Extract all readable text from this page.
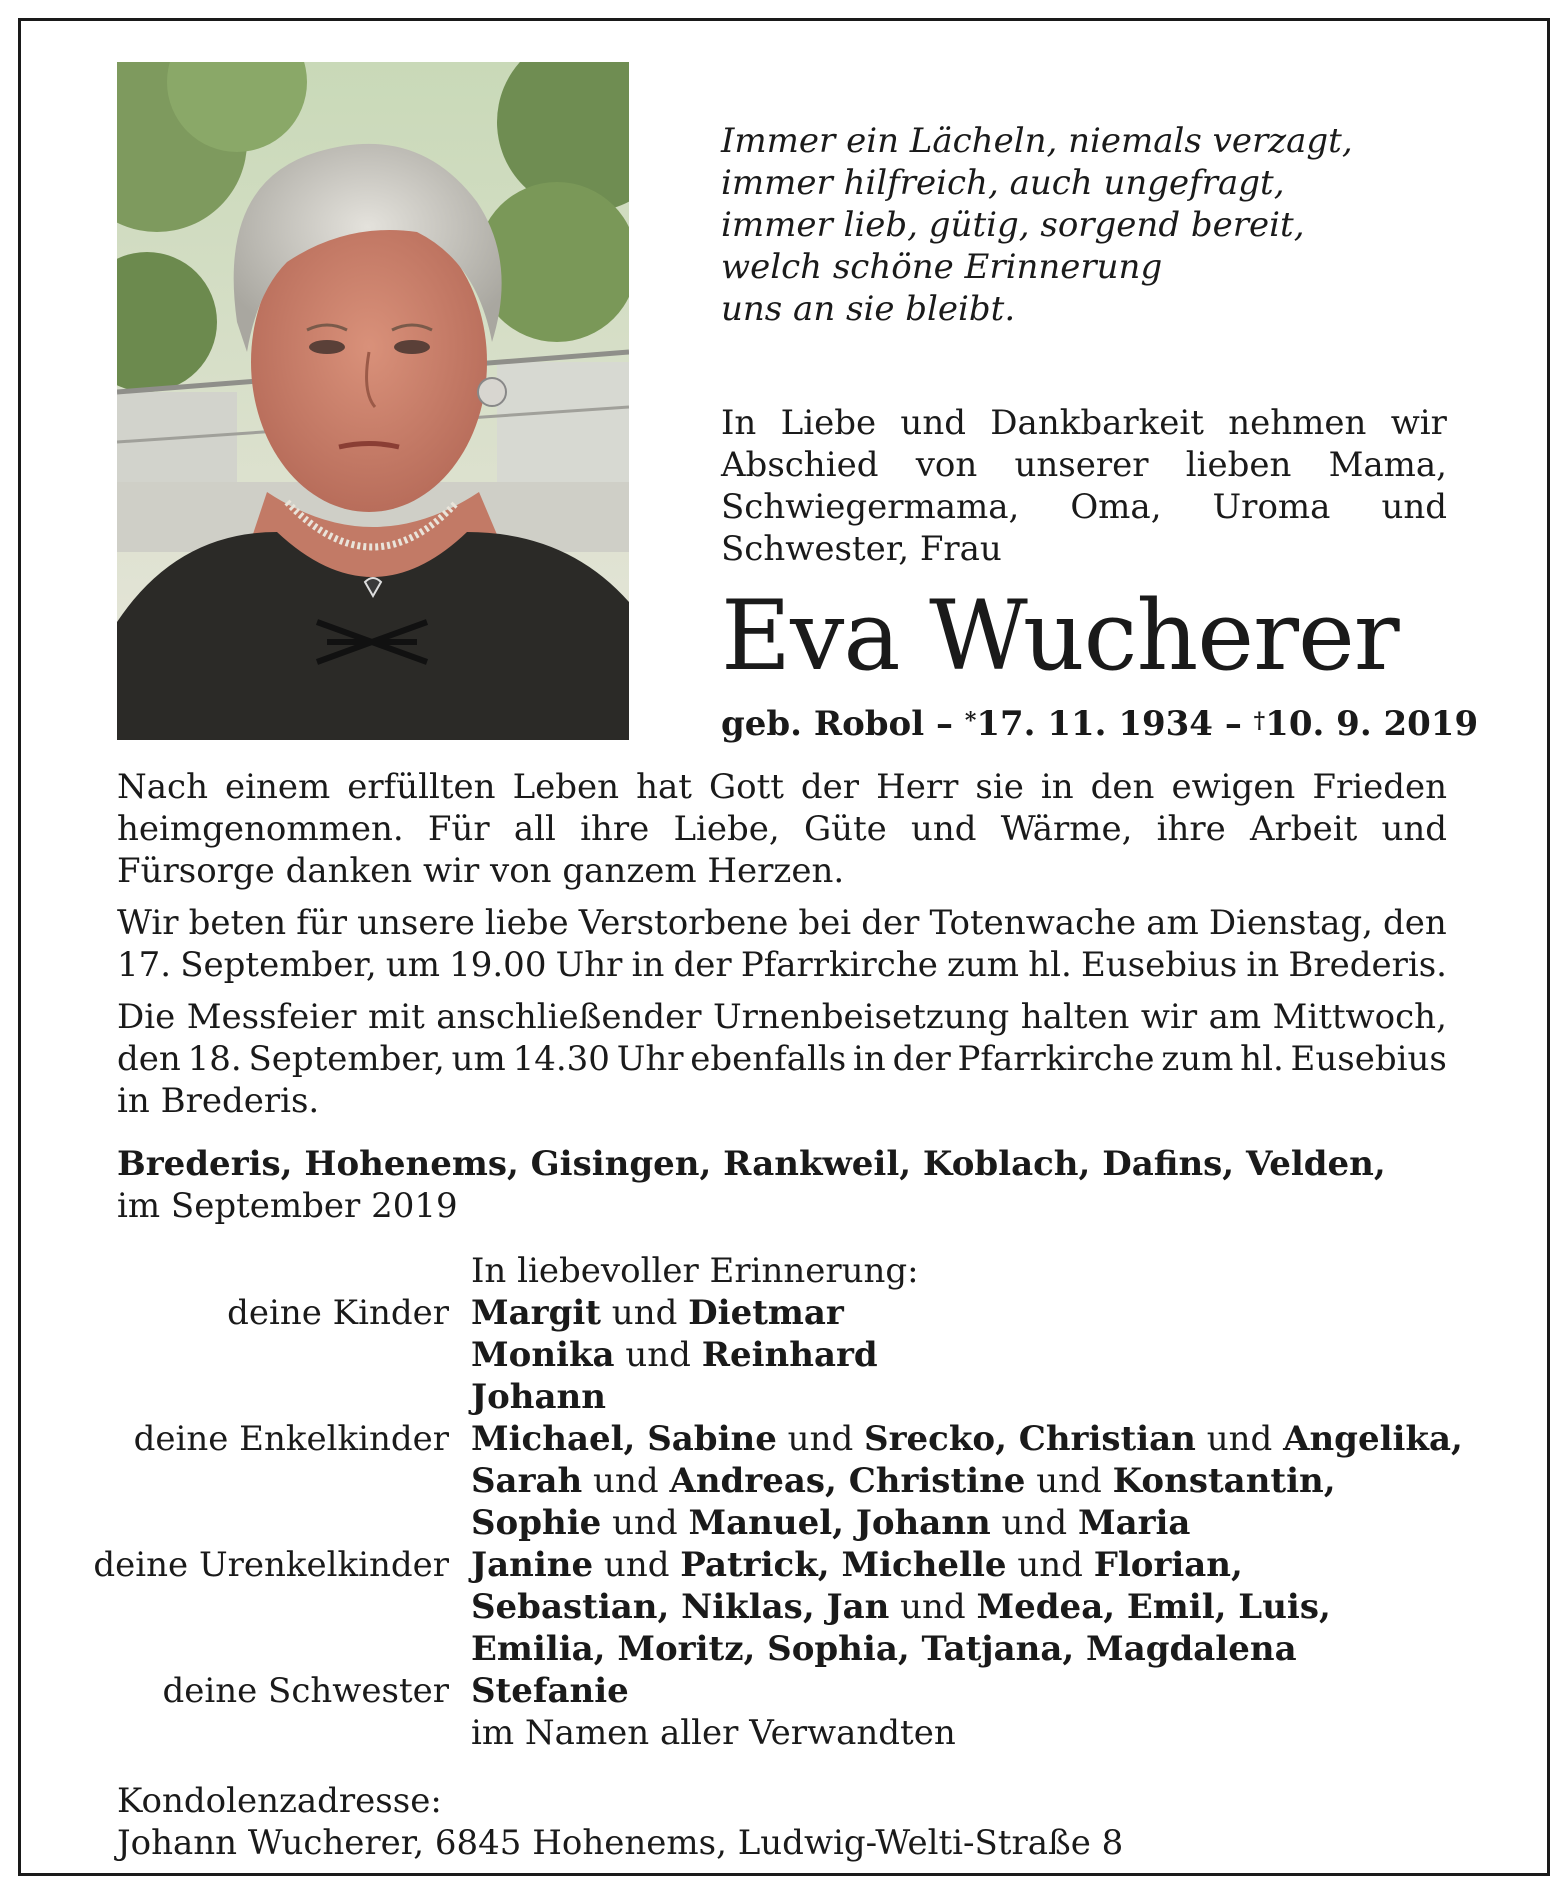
Immer ein Lächeln, niemals verzagt,
immer hilfreich, auch ungefragt,
immer lieb, gütig, sorgend bereit,
welch schöne Erinnerung
uns an sie bleibt.
In Liebe und Dankbarkeit nehmen wir
Abschied von unserer lieben Mama,
Schwiegermama, Oma, Uroma und
Schwester, Frau
Eva Wucherer
geb. Robol – *17. 11. 1934 – †10. 9. 2019
Nach einem erfüllten Leben hat Gott der Herr sie in den ewigen Frieden
heimgenommen. Für all ihre Liebe, Güte und Wärme, ihre Arbeit und
Fürsorge danken wir von ganzem Herzen.
Wir beten für unsere liebe Verstorbene bei der Totenwache am Dienstag, den
17. September, um 19.00 Uhr in der Pfarrkirche zum hl. Eusebius in Brederis.
Die Messfeier mit anschließender Urnenbeisetzung halten wir am Mittwoch,
den 18. September, um 14.30 Uhr ebenfalls in der Pfarrkirche zum hl. Eusebius
in Brederis.
Brederis, Hohenems, Gisingen, Rankweil, Koblach, Dafins, Velden,
im September 2019
In liebevoller Erinnerung:
deine Kinder Margit und Dietmar
Monika und Reinhard
Johann
deine Enkelkinder Michael, Sabine und Srecko, Christian und Angelika,
Sarah und Andreas, Christine und Konstantin,
Sophie und Manuel, Johann und Maria
deine Urenkelkinder Janine und Patrick, Michelle und Florian,
Sebastian, Niklas, Jan und Medea, Emil, Luis,
Emilia, Moritz, Sophia, Tatjana, Magdalena
deine Schwester Stefanie
im Namen aller Verwandten
Kondolenzadresse:
Johann Wucherer, 6845 Hohenems, Ludwig-Welti-Straße 8
